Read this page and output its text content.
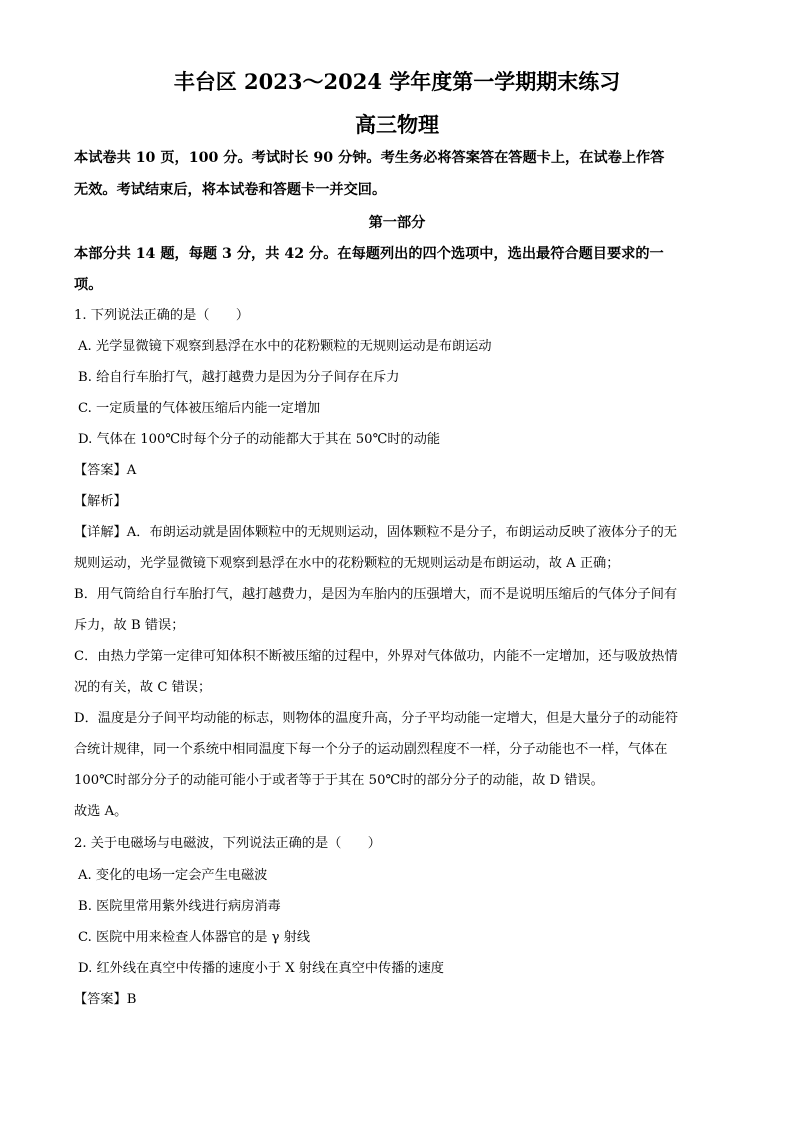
丰台区 2023～2024 学年度第一学期期末练习
高三物理
本试卷共 10 页，100 分。考试时长 90 分钟。考生务必将答案答在答题卡上，在试卷上作答
无效。考试结束后，将本试卷和答题卡一并交回。
第一部分
本部分共 14 题，每题 3 分，共 42 分。在每题列出的四个选项中，选出最符合题目要求的一
项。
1. 下列说法正确的是（　　）
A. 光学显微镜下观察到悬浮在水中的花粉颗粒的无规则运动是布朗运动
B. 给自行车胎打气，越打越费力是因为分子间存在斥力
C. 一定质量的气体被压缩后内能一定增加
D. 气体在 100℃时每个分子的动能都大于其在 50℃时的动能
【答案】A
【解析】
【详解】A．布朗运动就是固体颗粒中的无规则运动，固体颗粒不是分子，布朗运动反映了液体分子的无
规则运动，光学显微镜下观察到悬浮在水中的花粉颗粒的无规则运动是布朗运动，故 A 正确；
B．用气筒给自行车胎打气，越打越费力，是因为车胎内的压强增大，而不是说明压缩后的气体分子间有
斥力，故 B 错误；
C．由热力学第一定律可知体积不断被压缩的过程中，外界对气体做功，内能不一定增加，还与吸放热情
况的有关，故 C 错误；
D．温度是分子间平均动能的标志，则物体的温度升高，分子平均动能一定增大，但是大量分子的动能符
合统计规律，同一个系统中相同温度下每一个分子的运动剧烈程度不一样，分子动能也不一样，气体在
100℃时部分分子的动能可能小于或者等于于其在 50℃时的部分分子的动能，故 D 错误。
故选 A。
2. 关于电磁场与电磁波，下列说法正确的是（　　）
A. 变化的电场一定会产生电磁波
B. 医院里常用紫外线进行病房消毒
C. 医院中用来检查人体器官的是 γ 射线
D. 红外线在真空中传播的速度小于 X 射线在真空中传播的速度
【答案】B
